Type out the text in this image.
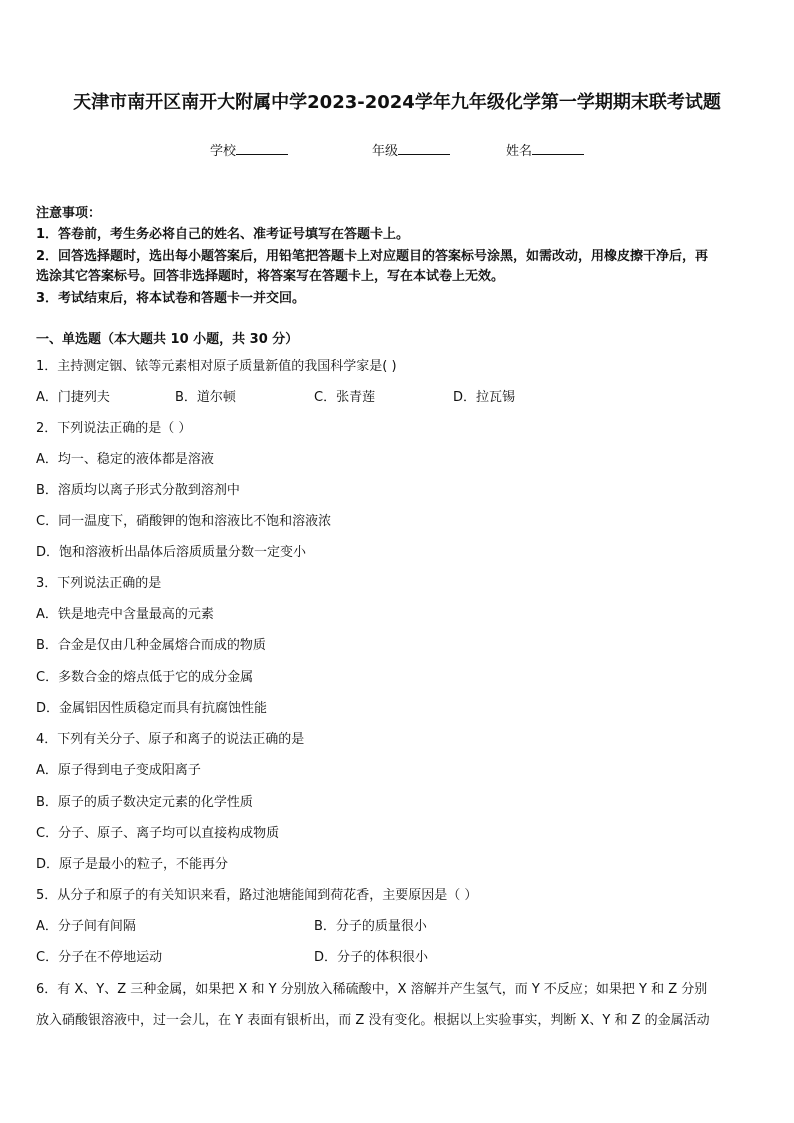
天津市南开区南开大附属中学2023-2024学年九年级化学第一学期期末联考试题
学校	年级	姓名
注意事项：
1．答卷前，考生务必将自己的姓名、准考证号填写在答题卡上。
2．回答选择题时，选出每小题答案后，用铅笔把答题卡上对应题目的答案标号涂黑，如需改动，用橡皮擦干净后，再
选涂其它答案标号。回答非选择题时，将答案写在答题卡上，写在本试卷上无效。
3．考试结束后，将本试卷和答题卡一并交回。
一、单选题（本大题共 10 小题，共 30 分）
1．主持测定铟、铱等元素相对原子质量新值的我国科学家是( )
A．门捷列夫	B．道尔顿	C．张青莲	D．拉瓦锡
2．下列说法正确的是（ ）
A．均一、稳定的液体都是溶液
B．溶质均以离子形式分散到溶剂中
C．同一温度下，硝酸钾的饱和溶液比不饱和溶液浓
D．饱和溶液析出晶体后溶质质量分数一定变小
3．下列说法正确的是
A．铁是地壳中含量最高的元素
B．合金是仅由几种金属熔合而成的物质
C．多数合金的熔点低于它的成分金属
D．金属铝因性质稳定而具有抗腐蚀性能
4．下列有关分子、原子和离子的说法正确的是
A．原子得到电子变成阳离子
B．原子的质子数决定元素的化学性质
C．分子、原子、离子均可以直接构成物质
D．原子是最小的粒子，不能再分
5．从分子和原子的有关知识来看，路过池塘能闻到荷花香，主要原因是（ ）
A．分子间有间隔	B．分子的质量很小
C．分子在不停地运动	D．分子的体积很小
6．有 X、Y、Z 三种金属，如果把 X 和 Y 分别放入稀硫酸中，X 溶解并产生氢气，而 Y 不反应；如果把 Y 和 Z 分别
放入硝酸银溶液中，过一会儿，在 Y 表面有银析出，而 Z 没有变化。根据以上实验事实，判断 X、Y 和 Z 的金属活动
